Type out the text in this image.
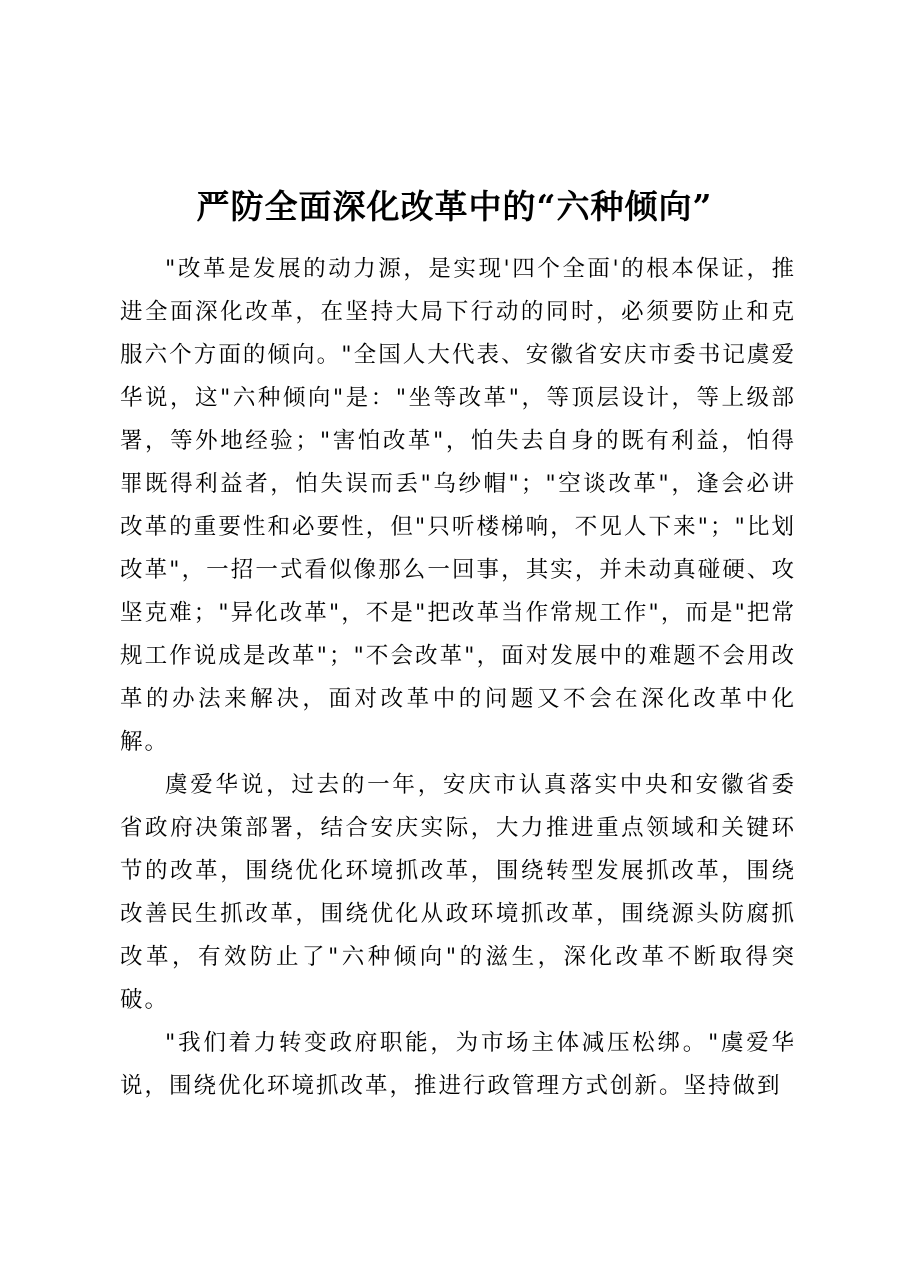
严防全面深化改革中的“六种倾向”

"改革是发展的动力源，是实现'四个全面'的根本保证，推进全面深化改革，在坚持大局下行动的同时，必须要防止和克服六个方面的倾向。"全国人大代表、安徽省安庆市委书记虞爱华说，这"六种倾向"是："坐等改革"，等顶层设计，等上级部署，等外地经验；"害怕改革"，怕失去自身的既有利益，怕得罪既得利益者，怕失误而丢"乌纱帽"；"空谈改革"，逢会必讲改革的重要性和必要性，但"只听楼梯响，不见人下来"；"比划改革"，一招一式看似像那么一回事，其实，并未动真碰硬、攻坚克难；"异化改革"，不是"把改革当作常规工作"，而是"把常规工作说成是改革"；"不会改革"，面对发展中的难题不会用改革的办法来解决，面对改革中的问题又不会在深化改革中化解。

虞爱华说，过去的一年，安庆市认真落实中央和安徽省委省政府决策部署，结合安庆实际，大力推进重点领域和关键环节的改革，围绕优化环境抓改革，围绕转型发展抓改革，围绕改善民生抓改革，围绕优化从政环境抓改革，围绕源头防腐抓改革，有效防止了"六种倾向"的滋生，深化改革不断取得突破。

"我们着力转变政府职能，为市场主体减压松绑。"虞爱华说，围绕优化环境抓改革，推进行政管理方式创新。坚持做到
